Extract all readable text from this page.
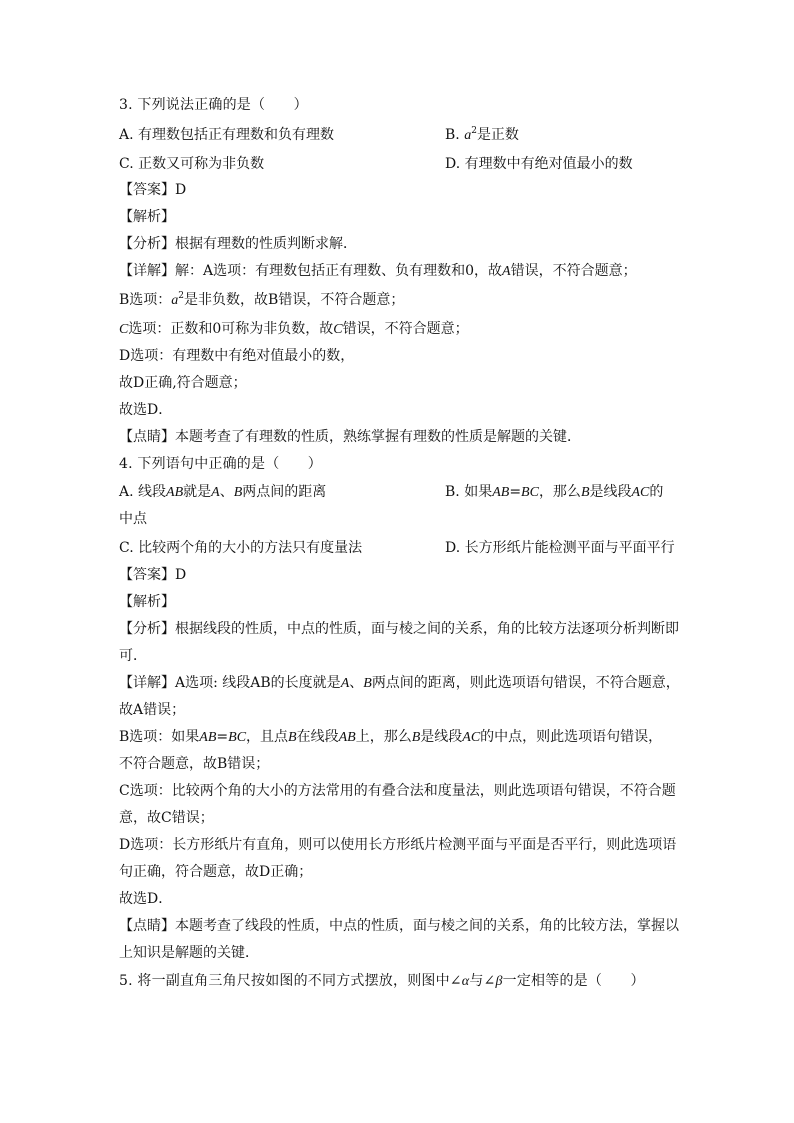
3. 下列说法正确的是（　　）
A. 有理数包括正有理数和负有理数	B. $a^2$是正数
C. 正数又可称为非负数	D. 有理数中有绝对值最小的数
【答案】D
【解析】
【分析】根据有理数的性质判断求解．
【详解】解：A选项：有理数包括正有理数、负有理数和0，故A错误，不符合题意；
B选项：$a^2$是非负数，故B错误，不符合题意；
C选项：正数和0可称为非负数，故C错误，不符合题意；
D选项：有理数中有绝对值最小的数，
故D正确,符合题意；
故选D．
【点睛】本题考查了有理数的性质，熟练掌握有理数的性质是解题的关键．
4. 下列语句中正确的是（　　）
A. 线段AB就是A、B两点间的距离	B. 如果AB=BC，那么B是线段AC的
中点
C. 比较两个角的大小的方法只有度量法	D. 长方形纸片能检测平面与平面平行
【答案】D
【解析】
【分析】根据线段的性质，中点的性质，面与棱之间的关系，角的比较方法逐项分析判断即
可．
【详解】A选项: 线段AB的长度就是A、B两点间的距离，则此选项语句错误，不符合题意，
故A错误；
B选项：如果AB=BC，且点B在线段AB上，那么B是线段AC的中点，则此选项语句错误，
不符合题意，故B错误；
C选项：比较两个角的大小的方法常用的有叠合法和度量法，则此选项语句错误，不符合题
意，故C错误；
D选项：长方形纸片有直角，则可以使用长方形纸片检测平面与平面是否平行，则此选项语
句正确，符合题意，故D正确；
故选D．
【点睛】本题考查了线段的性质，中点的性质，面与棱之间的关系，角的比较方法，掌握以
上知识是解题的关键．
5. 将一副直角三角尺按如图的不同方式摆放，则图中∠α与∠β一定相等的是（　　）
